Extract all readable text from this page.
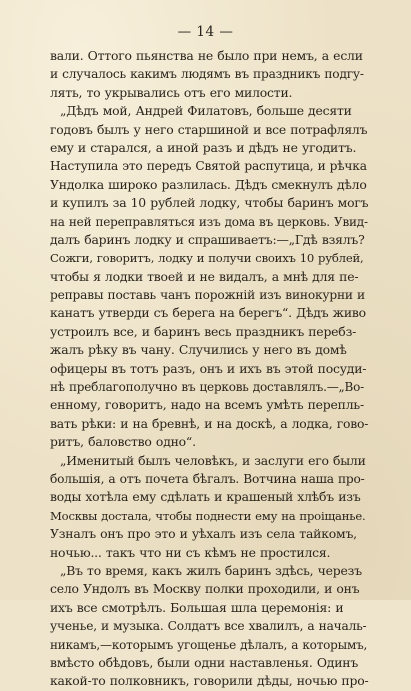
— 14 —
вали. Оттого пьянства не было при немъ, а если
и случалось какимъ людямъ въ праздникъ подгу-
лять, то укрывались отъ его милости.
„Дѣдъ мой, Андрей Филатовъ, больше десяти
годовъ былъ у него старшиной и все потрафлялъ
ему и старался, а иной разъ и дѣдъ не угодитъ.
Наступила это передъ Святой распутица, и рѣчка
Ундолка широко разлилась. Дѣдъ смекнулъ дѣло
и купилъ за 10 рублей лодку, чтобы баринъ могъ
на ней переправляться изъ дома въ церковь. Увид-
далъ баринъ лодку и спрашиваетъ:—„Гдѣ взялъ?
Сожги, говоритъ, лодку и получи своихъ 10 рублей,
чтобы я лодки твоей и не видалъ, а мнѣ для пе-
реправы поставь чанъ порожній изъ винокурни и
канатъ утверди съ берега на берегъ“. Дѣдъ живо
устроилъ все, и баринъ весь праздникъ перебз-
жалъ рѣку въ чану. Случились у него въ домѣ
офицеры въ тотъ разъ, онъ и ихъ въ этой посуди-
нѣ преблагополучно въ церковь доставлялъ.—„Во-
енному, говоритъ, надо на всемъ умѣть перепль-
вать рѣки: и на бревнѣ, и на доскѣ, а лодка, гово-
ритъ, баловство одно“.
„Именитый былъ человѣкъ, и заслуги его были
большія, а отъ почета бѣгалъ. Вотчина наша про-
воды хотѣла ему сдѣлать и крашеный хлѣбъ изъ
Москвы достала, чтобы поднести ему на проіщанье.
Узналъ онъ про это и уѣхалъ изъ села тайкомъ,
ночью... такъ что ни съ кѣмъ не простился.
„Въ то время, какъ жилъ баринъ здѣсь, черезъ
село Ундолъ въ Москву полки проходили, и онъ
ихъ все смотрѣлъ. Большая шла церемонія: и
ученье, и музыка. Солдатъ все хвалилъ, а началь-
никамъ,—которымъ угощенье дѣлалъ, а которымъ,
вмѣсто обѣдовъ, были одни наставленья. Одинъ
какой-то полковникъ, говорили дѣды, ночью про-
